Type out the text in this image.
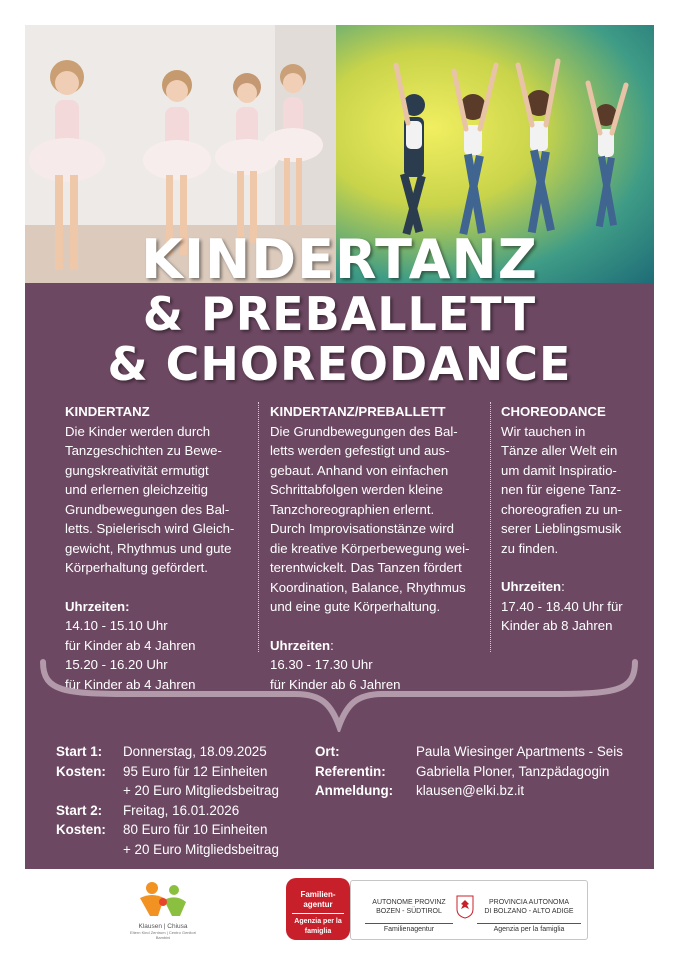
KINDERTANZ
& PREBALLETT
& CHOREODANCE
KINDERTANZ

Die Kinder werden durch

Tanzgeschichten zu Bewe-

gungskreativität ermutigt

und erlernen gleichzeitig

Grundbewegungen des Bal-

letts. Spielerisch wird Gleich-

gewicht, Rhythmus und gute

Körperhaltung gefördert.

Uhrzeiten:

14.10 - 15.10 Uhr

für Kinder ab 4 Jahren

15.20 - 16.20 Uhr

für Kinder ab 4 Jahren

KINDERTANZ/PREBALLETT

Die Grundbewegungen des Bal-

letts werden gefestigt und aus-

gebaut. Anhand von einfachen

Schrittabfolgen werden kleine

Tanzchoreographien erlernt.

Durch Improvisationstänze wird

die kreative Körperbewegung wei-

terentwickelt. Das Tanzen fördert

Koordination, Balance, Rhythmus

und eine gute Körperhaltung.

Uhrzeiten:

16.30 - 17.30 Uhr

für Kinder ab 6 Jahren

CHOREODANCE

Wir tauchen in

Tänze aller Welt ein

um damit Inspiratio-

nen für eigene Tanz-

choreografien zu un-

serer Lieblingsmusik

zu finden.

Uhrzeiten:

17.40 - 18.40 Uhr für

Kinder ab 8 Jahren

Start 1:	Donnerstag, 18.09.2025
Kosten:	95 Euro für 12 Einheiten
+ 20 Euro Mitgliedsbeitrag
Start 2:	Freitag, 16.01.2026
Kosten:	80 Euro für 10 Einheiten
+ 20 Euro Mitgliedsbeitrag
Ort:	Paula Wiesinger Apartments - Seis
Referentin:	Gabriella Ploner, Tanzpädagogin
Anmeldung:	klausen@elki.bz.it
Klausen | Chiusa
Eltern Kind Zentrum | Centro Genitori Bambini
Familien-
agentur
Agenzia per la
famiglia
AUTONOME PROVINZ
BOZEN - SÜDTIROL
Familienagentur
PROVINCIA AUTONOMA
DI BOLZANO - ALTO ADIGE
Agenzia per la famiglia
